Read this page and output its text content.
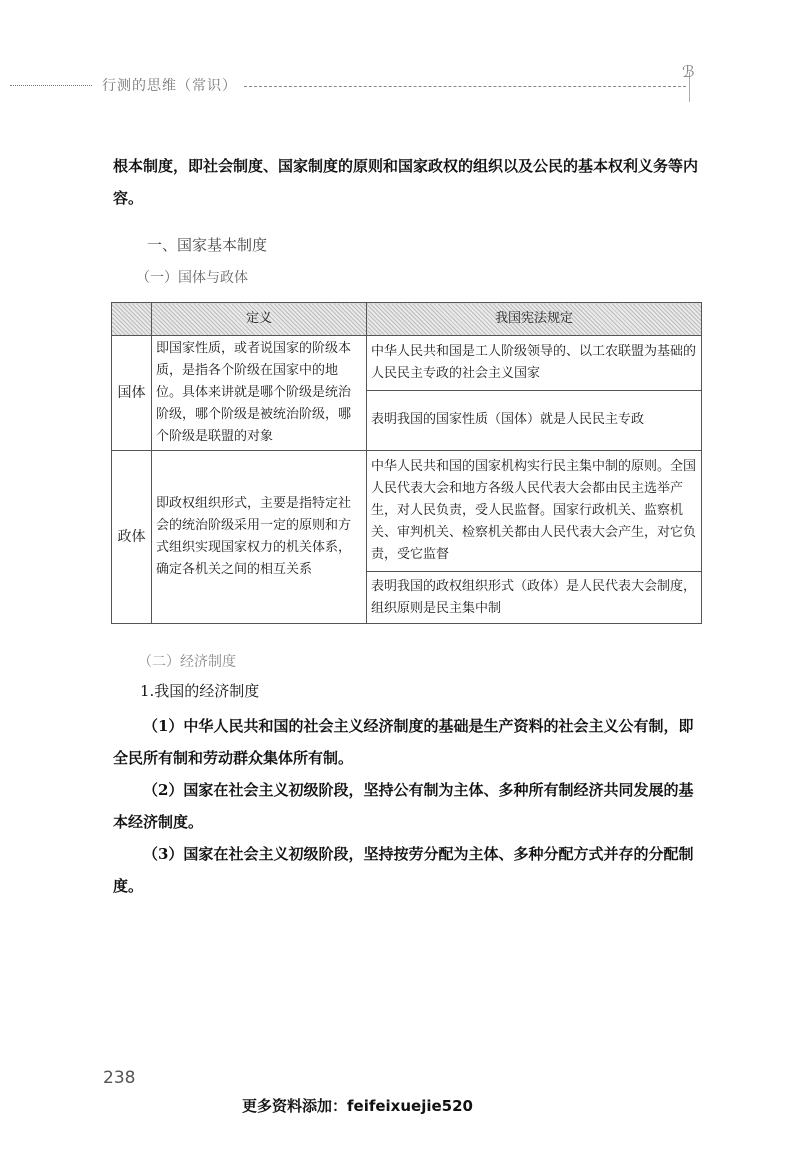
行测的思维（常识）
ℬ
根本制度，即社会制度、国家制度的原则和国家政权的组织以及公民的基本权利义务等内容。
一、国家基本制度
（一）国体与政体
	定义	我国宪法规定
国体	即国家性质，或者说国家的阶级本质，是指各个阶级在国家中的地位。具体来讲就是哪个阶级是统治阶级，哪个阶级是被统治阶级，哪个阶级是联盟的对象	中华人民共和国是工人阶级领导的、以工农联盟为基础的人民民主专政的社会主义国家
		表明我国的国家性质（国体）就是人民民主专政
政体	即政权组织形式，主要是指特定社会的统治阶级采用一定的原则和方式组织实现国家权力的机关体系，确定各机关之间的相互关系	中华人民共和国的国家机构实行民主集中制的原则。全国人民代表大会和地方各级人民代表大会都由民主选举产生，对人民负责，受人民监督。国家行政机关、监察机关、审判机关、检察机关都由人民代表大会产生，对它负责，受它监督
		表明我国的政权组织形式（政体）是人民代表大会制度，组织原则是民主集中制
（二）经济制度
1.我国的经济制度
（1）中华人民共和国的社会主义经济制度的基础是生产资料的社会主义公有制，即全民所有制和劳动群众集体所有制。
（2）国家在社会主义初级阶段，坚持公有制为主体、多种所有制经济共同发展的基本经济制度。
（3）国家在社会主义初级阶段，坚持按劳分配为主体、多种分配方式并存的分配制度。
238
更多资料添加：feifeixuejie520
